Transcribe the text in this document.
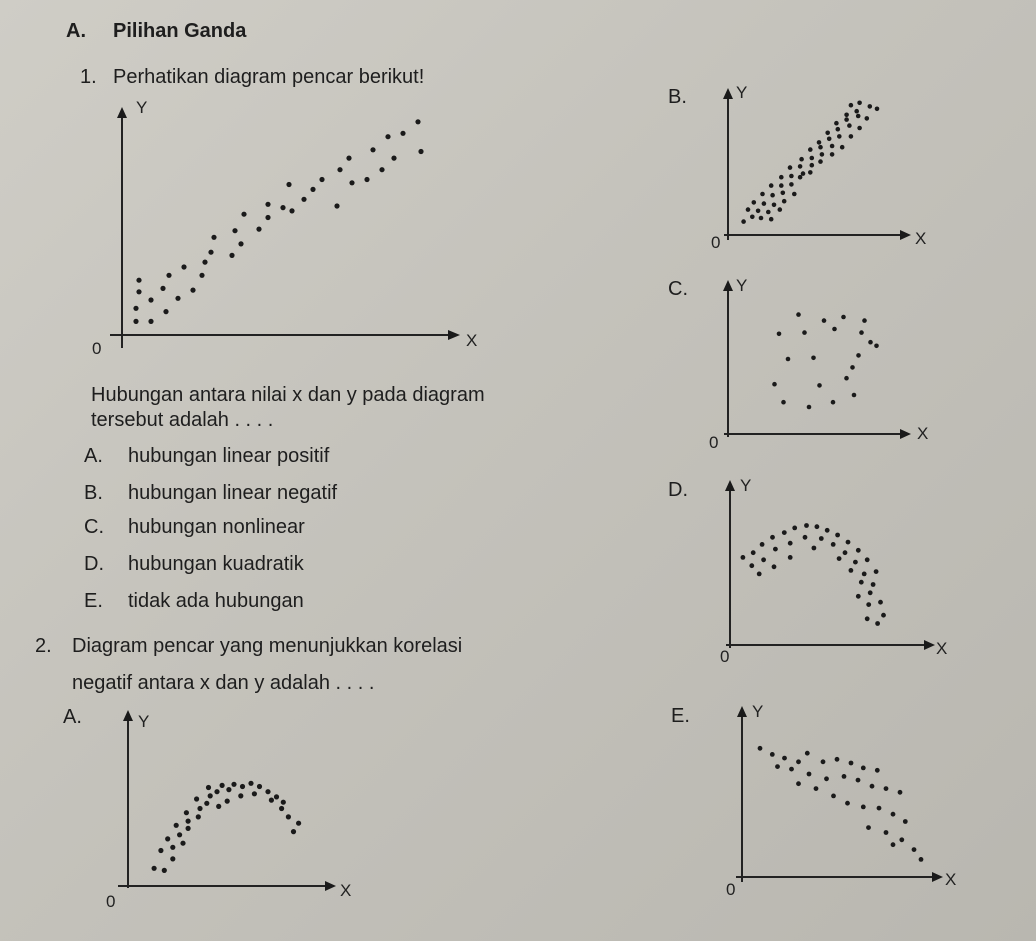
A. Pilihan Ganda
1. Perhatikan diagram pencar berikut!
Y
X
0
Hubungan antara nilai x dan y pada diagram
tersebut adalah . . . .
A. hubungan linear positif
B. hubungan linear negatif
C. hubungan nonlinear
D. hubungan kuadratik
E. tidak ada hubungan
2. Diagram pencar yang menunjukkan korelasi
negatif antara x dan y adalah . . . .
A.	Y
X
0
B.	Y
X
0
C.	Y
X
0
D.	Y
X
0
E.	Y
X
0
